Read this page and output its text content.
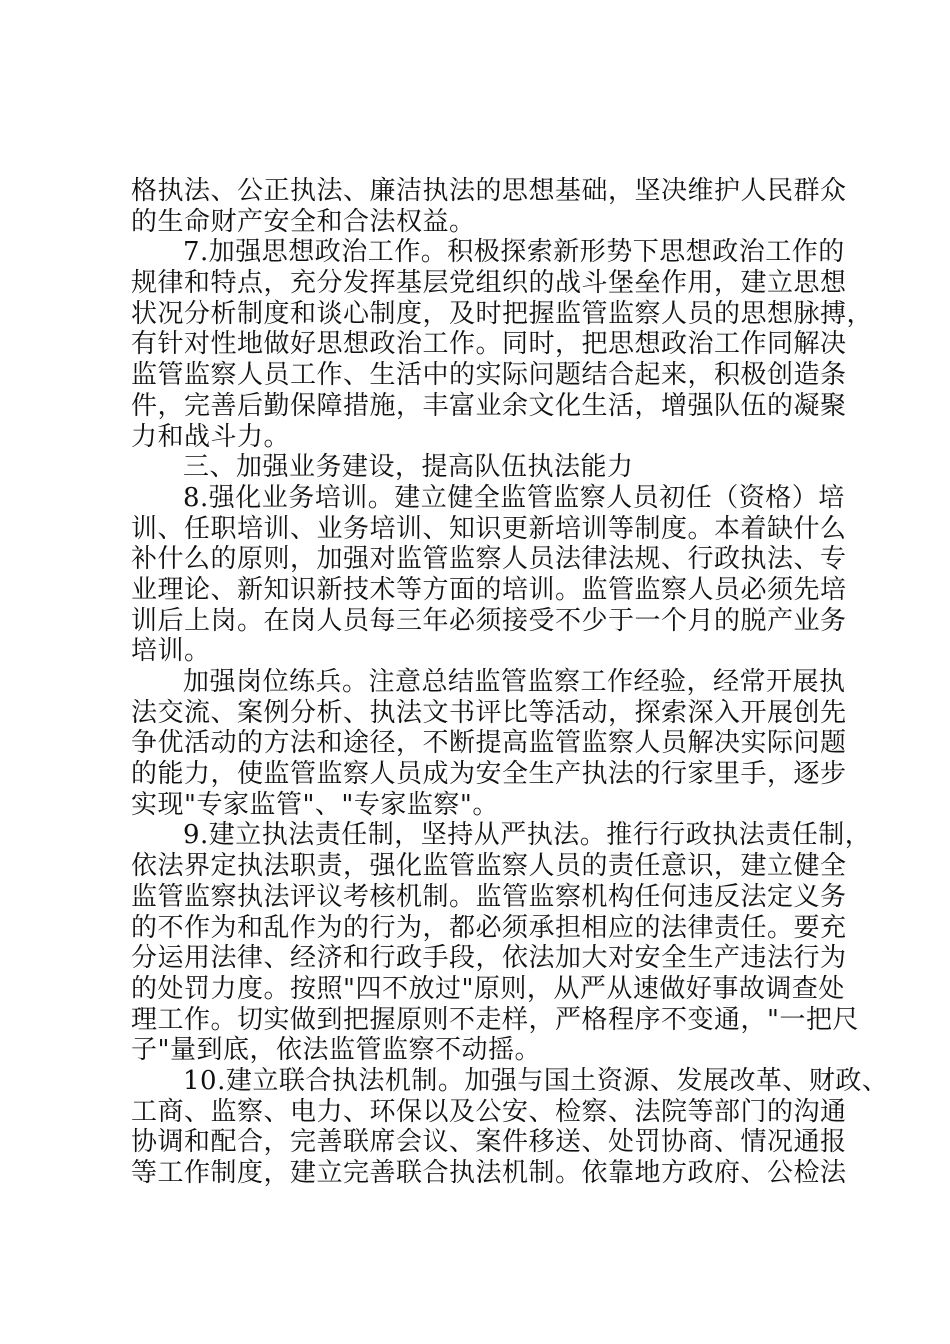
格执法、公正执法、廉洁执法的思想基础，坚决维护人民群众
的生命财产安全和合法权益。
7.加强思想政治工作。积极探索新形势下思想政治工作的
规律和特点，充分发挥基层党组织的战斗堡垒作用，建立思想
状况分析制度和谈心制度，及时把握监管监察人员的思想脉搏，
有针对性地做好思想政治工作。同时，把思想政治工作同解决
监管监察人员工作、生活中的实际问题结合起来，积极创造条
件，完善后勤保障措施，丰富业余文化生活，增强队伍的凝聚
力和战斗力。
三、加强业务建设，提高队伍执法能力
8.强化业务培训。建立健全监管监察人员初任（资格）培
训、任职培训、业务培训、知识更新培训等制度。本着缺什么
补什么的原则，加强对监管监察人员法律法规、行政执法、专
业理论、新知识新技术等方面的培训。监管监察人员必须先培
训后上岗。在岗人员每三年必须接受不少于一个月的脱产业务
培训。
加强岗位练兵。注意总结监管监察工作经验，经常开展执
法交流、案例分析、执法文书评比等活动，探索深入开展创先
争优活动的方法和途径，不断提高监管监察人员解决实际问题
的能力，使监管监察人员成为安全生产执法的行家里手，逐步
实现"专家监管"、"专家监察"。
9.建立执法责任制，坚持从严执法。推行行政执法责任制，
依法界定执法职责，强化监管监察人员的责任意识，建立健全
监管监察执法评议考核机制。监管监察机构任何违反法定义务
的不作为和乱作为的行为，都必须承担相应的法律责任。要充
分运用法律、经济和行政手段，依法加大对安全生产违法行为
的处罚力度。按照"四不放过"原则，从严从速做好事故调查处
理工作。切实做到把握原则不走样，严格程序不变通，"一把尺
子"量到底，依法监管监察不动摇。
10.建立联合执法机制。加强与国土资源、发展改革、财政、
工商、监察、电力、环保以及公安、检察、法院等部门的沟通
协调和配合，完善联席会议、案件移送、处罚协商、情况通报
等工作制度，建立完善联合执法机制。依靠地方政府、公检法
